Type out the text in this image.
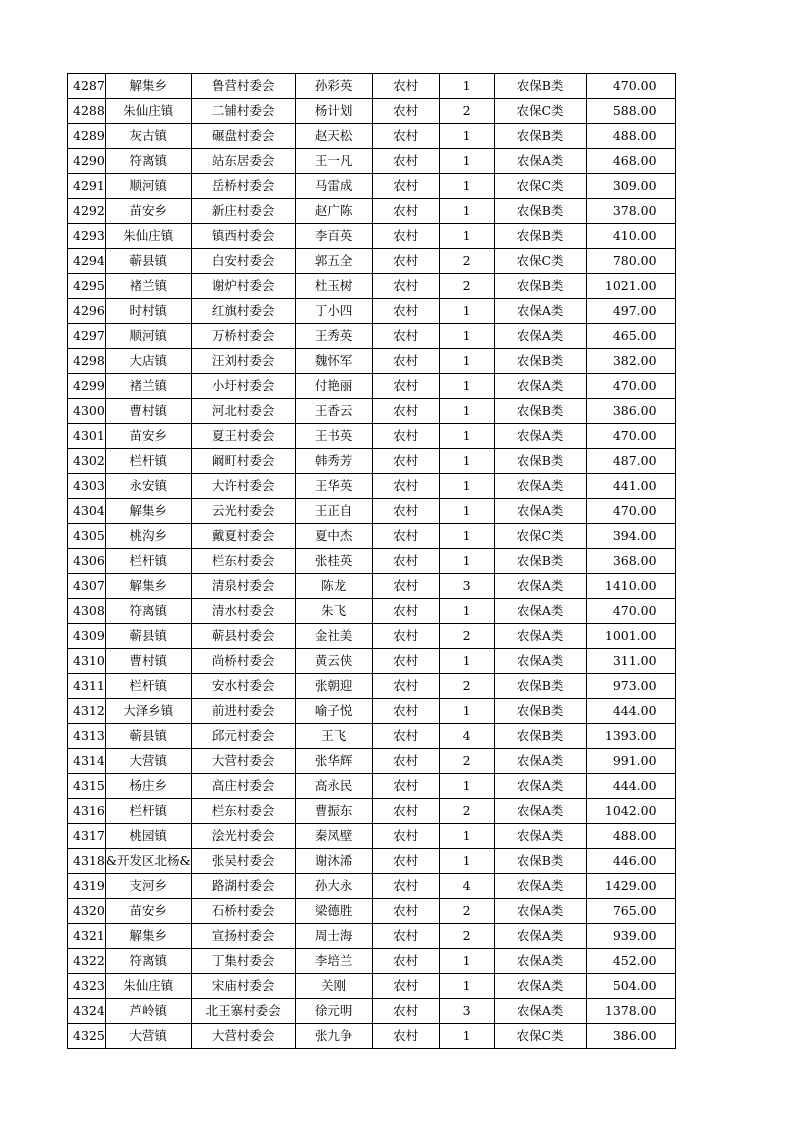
4287	解集乡	鲁营村委会	孙彩英	农村	1	农保B类	470.00
4288	朱仙庄镇	二铺村委会	杨计划	农村	2	农保C类	588.00
4289	灰古镇	碾盘村委会	赵天松	农村	1	农保B类	488.00
4290	符离镇	站东居委会	王一凡	农村	1	农保A类	468.00
4291	顺河镇	岳桥村委会	马雷成	农村	1	农保C类	309.00
4292	苗安乡	新庄村委会	赵广陈	农村	1	农保B类	378.00
4293	朱仙庄镇	镇西村委会	李百英	农村	1	农保B类	410.00
4294	蕲县镇	白安村委会	郭五全	农村	2	农保C类	780.00
4295	褚兰镇	谢炉村委会	杜玉树	农村	2	农保B类	1021.00
4296	时村镇	红旗村委会	丁小四	农村	1	农保A类	497.00
4297	顺河镇	万桥村委会	王秀英	农村	1	农保A类	465.00
4298	大店镇	汪刘村委会	魏怀军	农村	1	农保B类	382.00
4299	褚兰镇	小圩村委会	付艳丽	农村	1	农保A类	470.00
4300	曹村镇	河北村委会	王香云	农村	1	农保B类	386.00
4301	苗安乡	夏王村委会	王书英	农村	1	农保A类	470.00
4302	栏杆镇	阚町村委会	韩秀芳	农村	1	农保B类	487.00
4303	永安镇	大许村委会	王华英	农村	1	农保A类	441.00
4304	解集乡	云光村委会	王正自	农村	1	农保A类	470.00
4305	桃沟乡	戴夏村委会	夏中杰	农村	1	农保C类	394.00
4306	栏杆镇	栏东村委会	张桂英	农村	1	农保B类	368.00
4307	解集乡	清泉村委会	陈龙	农村	3	农保A类	1410.00
4308	符离镇	清水村委会	朱飞	农村	1	农保A类	470.00
4309	蕲县镇	蕲县村委会	金社美	农村	2	农保A类	1001.00
4310	曹村镇	尚桥村委会	黄云侠	农村	1	农保A类	311.00
4311	栏杆镇	安水村委会	张朝迎	农村	2	农保B类	973.00
4312	大泽乡镇	前进村委会	喻子悦	农村	1	农保B类	444.00
4313	蕲县镇	邱元村委会	王飞	农村	4	农保B类	1393.00
4314	大营镇	大营村委会	张华辉	农村	2	农保A类	991.00
4315	杨庄乡	高庄村委会	高永民	农村	1	农保A类	444.00
4316	栏杆镇	栏东村委会	曹振东	农村	2	农保A类	1042.00
4317	桃园镇	浍光村委会	秦凤壁	农村	1	农保A类	488.00
4318	&开发区北杨&	张吴村委会	谢沐浠	农村	1	农保B类	446.00
4319	支河乡	路湖村委会	孙大永	农村	4	农保A类	1429.00
4320	苗安乡	石桥村委会	梁德胜	农村	2	农保A类	765.00
4321	解集乡	宣扬村委会	周士海	农村	2	农保A类	939.00
4322	符离镇	丁集村委会	李培兰	农村	1	农保A类	452.00
4323	朱仙庄镇	宋庙村委会	关刚	农村	1	农保A类	504.00
4324	芦岭镇	北王寨村委会	徐元明	农村	3	农保A类	1378.00
4325	大营镇	大营村委会	张九争	农村	1	农保C类	386.00
